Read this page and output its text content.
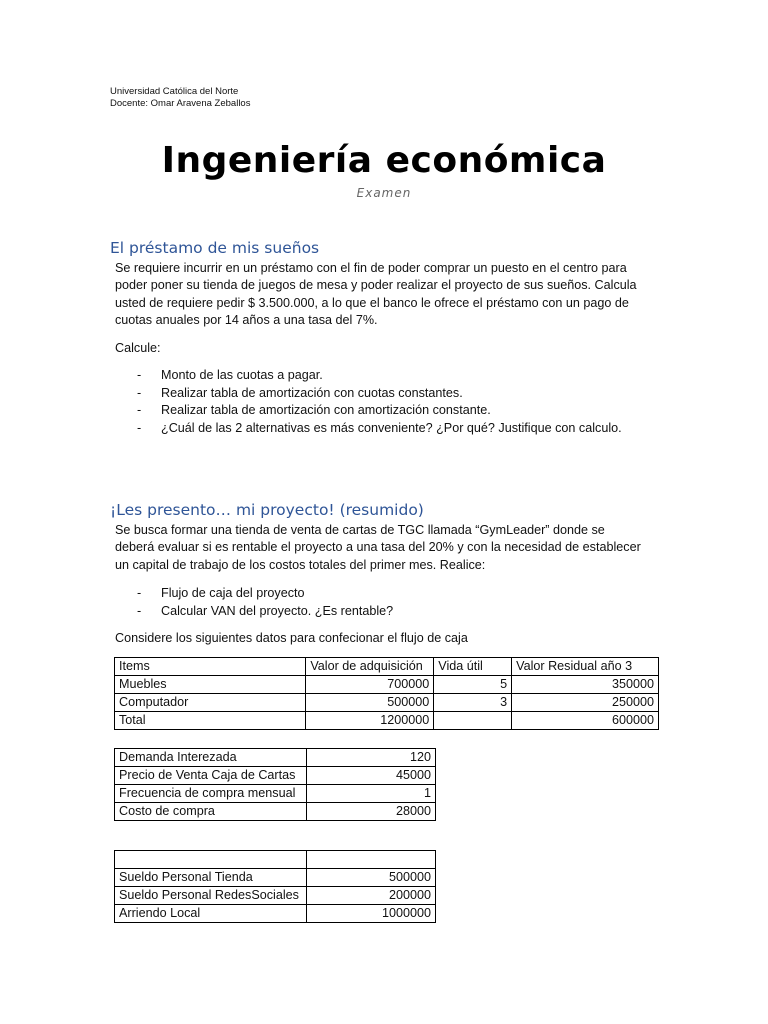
Universidad Católica del Norte
Docente: Omar Aravena Zeballos
Ingeniería económica
Examen
El préstamo de mis sueños
Se requiere incurrir en un préstamo con el fin de poder comprar un puesto en el centro para
poder poner su tienda de juegos de mesa y poder realizar el proyecto de sus sueños. Calcula
usted de requiere pedir $ 3.500.000, a lo que el banco le ofrece el préstamo con un pago de
cuotas anuales por 14 años a una tasa del 7%.
Calcule:
- Monto de las cuotas a pagar.
- Realizar tabla de amortización con cuotas constantes.
- Realizar tabla de amortización con amortización constante.
- ¿Cuál de las 2 alternativas es más conveniente? ¿Por qué? Justifique con calculo.
¡Les presento… mi proyecto! (resumido)
Se busca formar una tienda de venta de cartas de TGC llamada “GymLeader” donde se
deberá evaluar si es rentable el proyecto a una tasa del 20% y con la necesidad de establecer
un capital de trabajo de los costos totales del primer mes. Realice:
- Flujo de caja del proyecto
- Calcular VAN del proyecto. ¿Es rentable?
Considere los siguientes datos para confecionar el flujo de caja
Items	Valor de adquisición	Vida útil	Valor Residual año 3
Muebles	700000	5	350000
Computador	500000	3	250000
Total	1200000		600000
Demanda Interezada	120
Precio de Venta Caja de Cartas	45000
Frecuencia de compra mensual	1
Costo de compra	28000

Sueldo Personal Tienda	500000
Sueldo Personal RedesSociales	200000
Arriendo Local	1000000
